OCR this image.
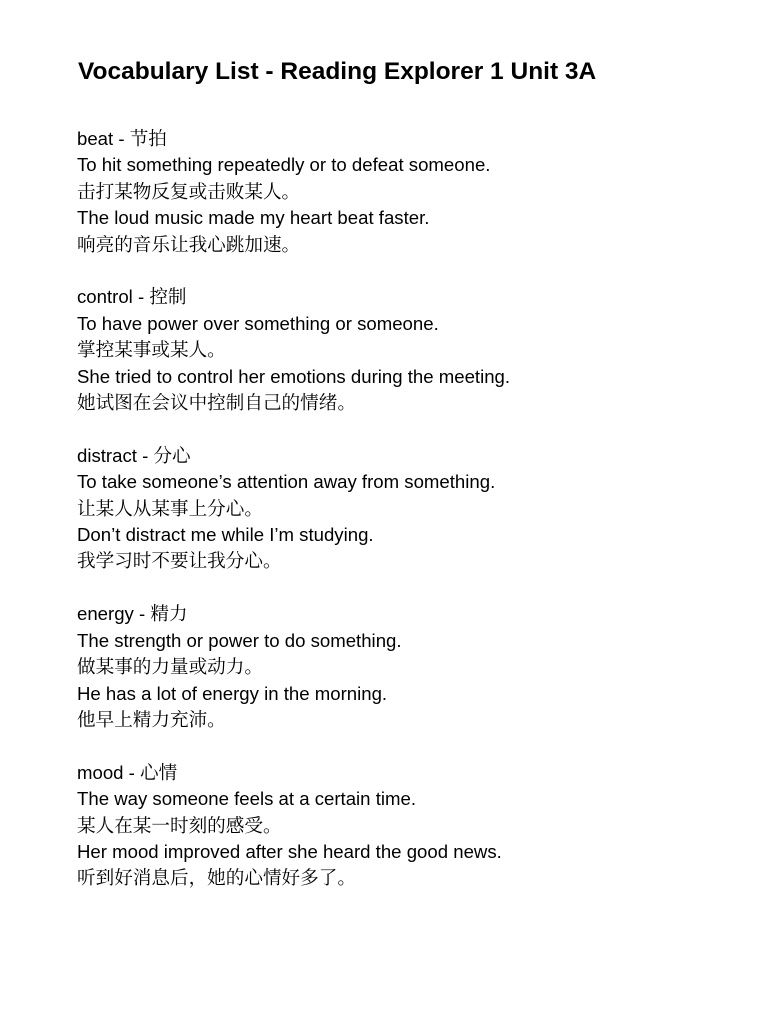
Vocabulary List - Reading Explorer 1 Unit 3A
beat - 节拍
To hit something repeatedly or to defeat someone.
击打某物反复或击败某人。
The loud music made my heart beat faster.
响亮的音乐让我心跳加速。
control - 控制
To have power over something or someone.
掌控某事或某人。
She tried to control her emotions during the meeting.
她试图在会议中控制自己的情绪。
distract - 分心
To take someone’s attention away from something.
让某人从某事上分心。
Don’t distract me while I’m studying.
我学习时不要让我分心。
energy - 精力
The strength or power to do something.
做某事的力量或动力。
He has a lot of energy in the morning.
他早上精力充沛。
mood - 心情
The way someone feels at a certain time.
某人在某一时刻的感受。
Her mood improved after she heard the good news.
听到好消息后，她的心情好多了。
